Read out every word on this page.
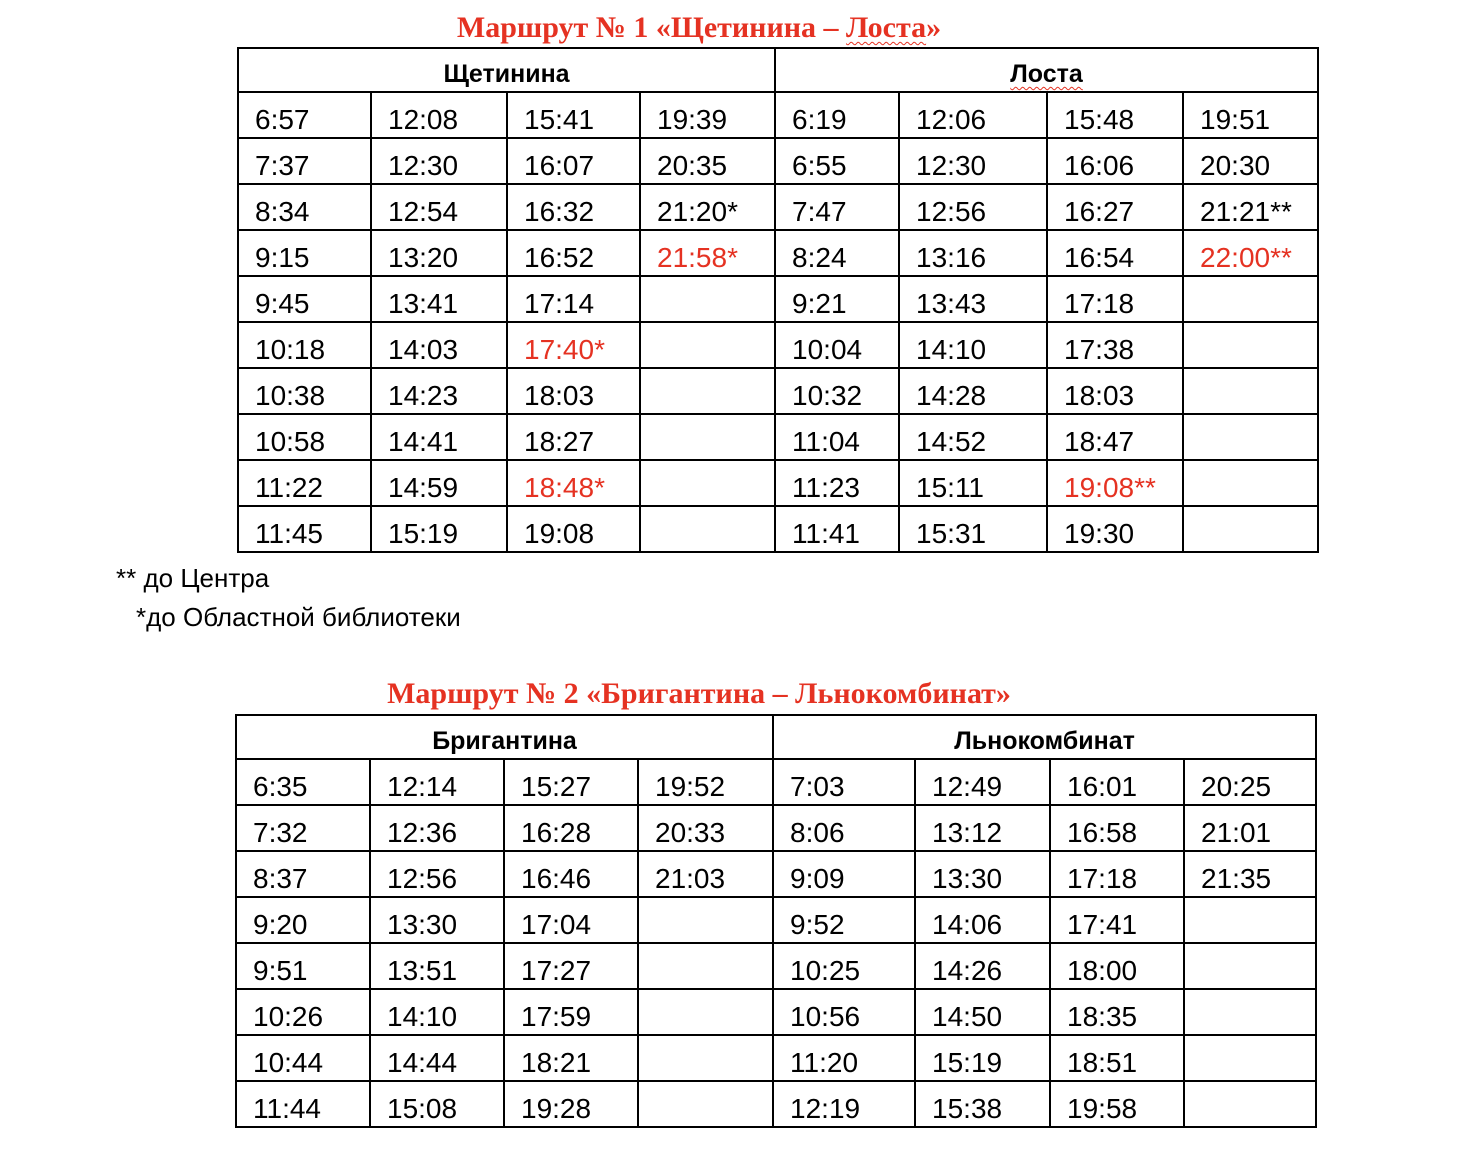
Маршрут № 1 «Щетинина – Лоста»
Щетинина				Лоста			
6:57	12:08	15:41	19:39	6:19	12:06	15:48	19:51
7:37	12:30	16:07	20:35	6:55	12:30	16:06	20:30
8:34	12:54	16:32	21:20*	7:47	12:56	16:27	21:21**
9:15	13:20	16:52	21:58*	8:24	13:16	16:54	22:00**
9:45	13:41	17:14		9:21	13:43	17:18	
10:18	14:03	17:40*		10:04	14:10	17:38	
10:38	14:23	18:03		10:32	14:28	18:03	
10:58	14:41	18:27		11:04	14:52	18:47	
11:22	14:59	18:48*		11:23	15:11	19:08**	
11:45	15:19	19:08		11:41	15:31	19:30	

** до Центра

*до Областной библиотеки

Маршрут № 2 «Бригантина – Льнокомбинат»
Бригантина				Льнокомбинат			
6:35	12:14	15:27	19:52	7:03	12:49	16:01	20:25
7:32	12:36	16:28	20:33	8:06	13:12	16:58	21:01
8:37	12:56	16:46	21:03	9:09	13:30	17:18	21:35
9:20	13:30	17:04		9:52	14:06	17:41	
9:51	13:51	17:27		10:25	14:26	18:00	
10:26	14:10	17:59		10:56	14:50	18:35	
10:44	14:44	18:21		11:20	15:19	18:51	
11:44	15:08	19:28		12:19	15:38	19:58	
